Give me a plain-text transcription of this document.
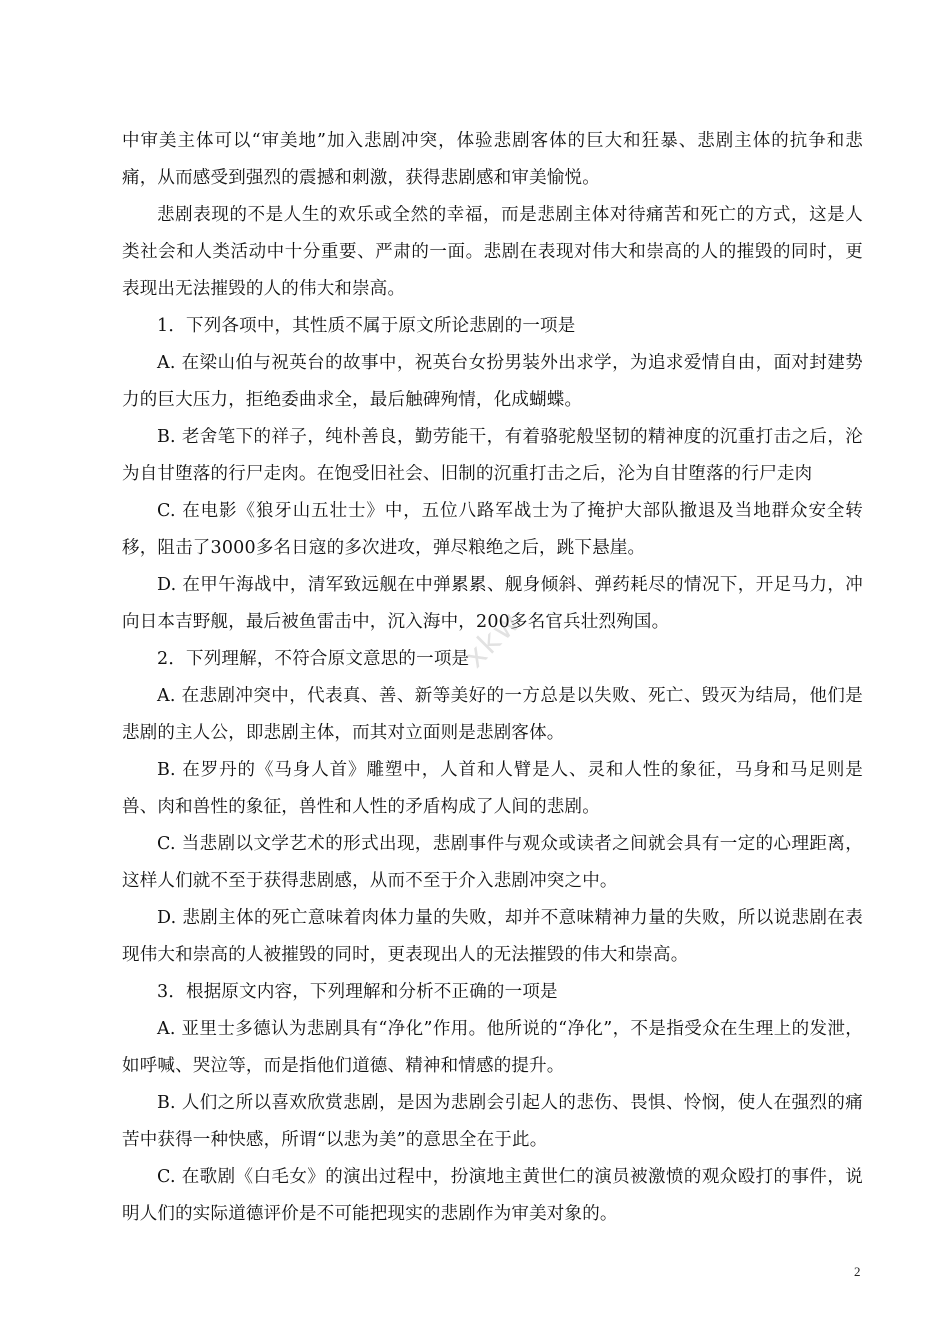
xkw

中审美主体可以“审美地”加入悲剧冲突，体验悲剧客体的巨大和狂暴、悲剧主体的抗争和悲痛，从而感受到强烈的震撼和刺激，获得悲剧感和审美愉悦。

悲剧表现的不是人生的欢乐或全然的幸福，而是悲剧主体对待痛苦和死亡的方式，这是人类社会和人类活动中十分重要、严肃的一面。悲剧在表现对伟大和崇高的人的摧毁的同时，更表现出无法摧毁的人的伟大和崇高。

1．下列各项中，其性质不属于原文所论悲剧的一项是

A. 在梁山伯与祝英台的故事中，祝英台女扮男装外出求学，为追求爱情自由，面对封建势力的巨大压力，拒绝委曲求全，最后触碑殉情，化成蝴蝶。

B. 老舍笔下的祥子，纯朴善良，勤劳能干，有着骆驼般坚韧的精神度的沉重打击之后，沦为自甘堕落的行尸走肉。在饱受旧社会、旧制的沉重打击之后，沦为自甘堕落的行尸走肉

C. 在电影《狼牙山五壮士》中，五位八路军战士为了掩护大部队撤退及当地群众安全转移，阻击了3000多名日寇的多次进攻，弹尽粮绝之后，跳下悬崖。

D. 在甲午海战中，清军致远舰在中弹累累、舰身倾斜、弹药耗尽的情况下，开足马力，冲向日本吉野舰，最后被鱼雷击中，沉入海中，200多名官兵壮烈殉国。

2．下列理解，不符合原文意思的一项是

A. 在悲剧冲突中，代表真、善、新等美好的一方总是以失败、死亡、毁灭为结局，他们是悲剧的主人公，即悲剧主体，而其对立面则是悲剧客体。

B. 在罗丹的《马身人首》雕塑中，人首和人臂是人、灵和人性的象征，马身和马足则是兽、肉和兽性的象征，兽性和人性的矛盾构成了人间的悲剧。

C. 当悲剧以文学艺术的形式出现，悲剧事件与观众或读者之间就会具有一定的心理距离，这样人们就不至于获得悲剧感，从而不至于介入悲剧冲突之中。

D. 悲剧主体的死亡意味着肉体力量的失败，却并不意味精神力量的失败，所以说悲剧在表现伟大和崇高的人被摧毁的同时，更表现出人的无法摧毁的伟大和崇高。

3．根据原文内容，下列理解和分析不正确的一项是

A. 亚里士多德认为悲剧具有“净化”作用。他所说的“净化”，不是指受众在生理上的发泄，如呼喊、哭泣等，而是指他们道德、精神和情感的提升。

B. 人们之所以喜欢欣赏悲剧，是因为悲剧会引起人的悲伤、畏惧、怜悯，使人在强烈的痛苦中获得一种快感，所谓“以悲为美”的意思全在于此。

C. 在歌剧《白毛女》的演出过程中，扮演地主黄世仁的演员被激愤的观众殴打的事件，说明人们的实际道德评价是不可能把现实的悲剧作为审美对象的。

2
